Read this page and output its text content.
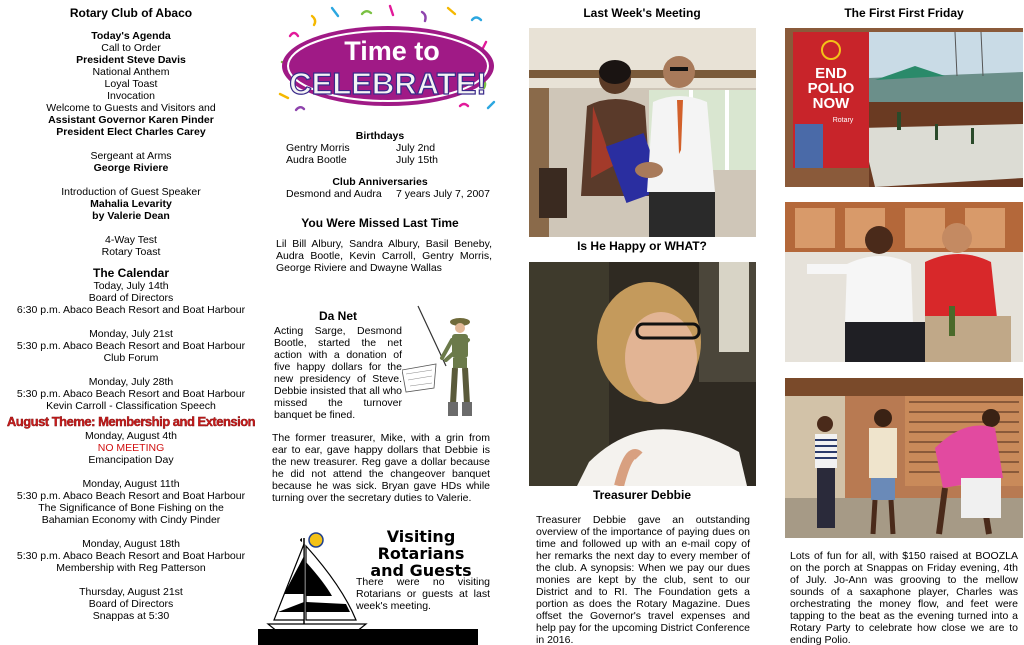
Rotary Club of Abaco
Today's Agenda
Call to Order
President Steve Davis
National Anthem
Loyal Toast
Invocation
Welcome to Guests and Visitors and
Assistant Governor Karen Pinder
President Elect Charles Carey
Sergeant at Arms
George Riviere
Introduction of Guest Speaker
Mahalia Levarity
by Valerie Dean
4-Way Test
Rotary Toast
The Calendar
Today, July 14th
Board of Directors
6:30 p.m. Abaco Beach Resort and Boat Harbour
Monday, July 21st
5:30 p.m. Abaco Beach Resort and Boat Harbour
Club Forum
Monday, July 28th
5:30 p.m. Abaco Beach Resort and Boat Harbour
Kevin Carroll - Classification Speech
August Theme: Membership and Extension
Monday, August 4th
NO MEETING
Emancipation Day
Monday, August 11th
5:30 p.m. Abaco Beach Resort and Boat Harbour
The Significance of Bone Fishing on the
Bahamian Economy with Cindy Pinder
Monday, August 18th
5:30 p.m. Abaco Beach Resort and Boat Harbour
Membership with Reg Patterson
Thursday, August 21st
Board of Directors
Snappas at 5:30
Time to
CELEBRATE!
Birthdays
Gentry Morris	July 2nd
Audra Bootle	July 15th
Club Anniversaries
Desmond and Audra	7 years July 7, 2007
You Were Missed Last Time
Lil Bill Albury, Sandra Albury, Basil Beneby, Audra Bootle, Kevin Carroll, Gentry Morris, George Riviere and Dwayne Wallas
Da Net
Acting Sarge, Desmond Bootle, started the net action with a donation of five happy dollars for the new presidency of Steve. Debbie insisted that all who missed the turnover banquet be fined.
The former treasurer, Mike, with a grin from ear to ear, gave happy dollars that Debbie is the new treasurer. Reg gave a dollar because he did not attend the changeover banquet because he was sick. Bryan gave HDs while turning over the secretary duties to Valerie.
Visiting Rotarians
and Guests
There were no visiting Rotarians or guests at last week's meeting.
Last Week's Meeting
Is He Happy or WHAT?
Treasurer Debbie
Treasurer Debbie gave an outstanding overview of the importance of paying dues on time and followed up with an e-mail copy of her remarks the next day to every member of the club. A synopsis: When we pay our dues monies are kept by the club, sent to our District and to RI. The Foundation gets a portion as does the Rotary Magazine. Dues offset the Governor's travel expenses and help pay for the upcoming District Conference in 2016.
The First First Friday
END
POLIO
NOW
Rotary
Lots of fun for all, with $150 raised at BOOZLA on the porch at Snappas on Friday evening, 4th of July. Jo-Ann was grooving to the mellow sounds of a saxaphone player, Charles was orchestrating the money flow, and feet were tapping to the beat as the evening turned into a Rotary Party to celebrate how close we are to ending Polio.
